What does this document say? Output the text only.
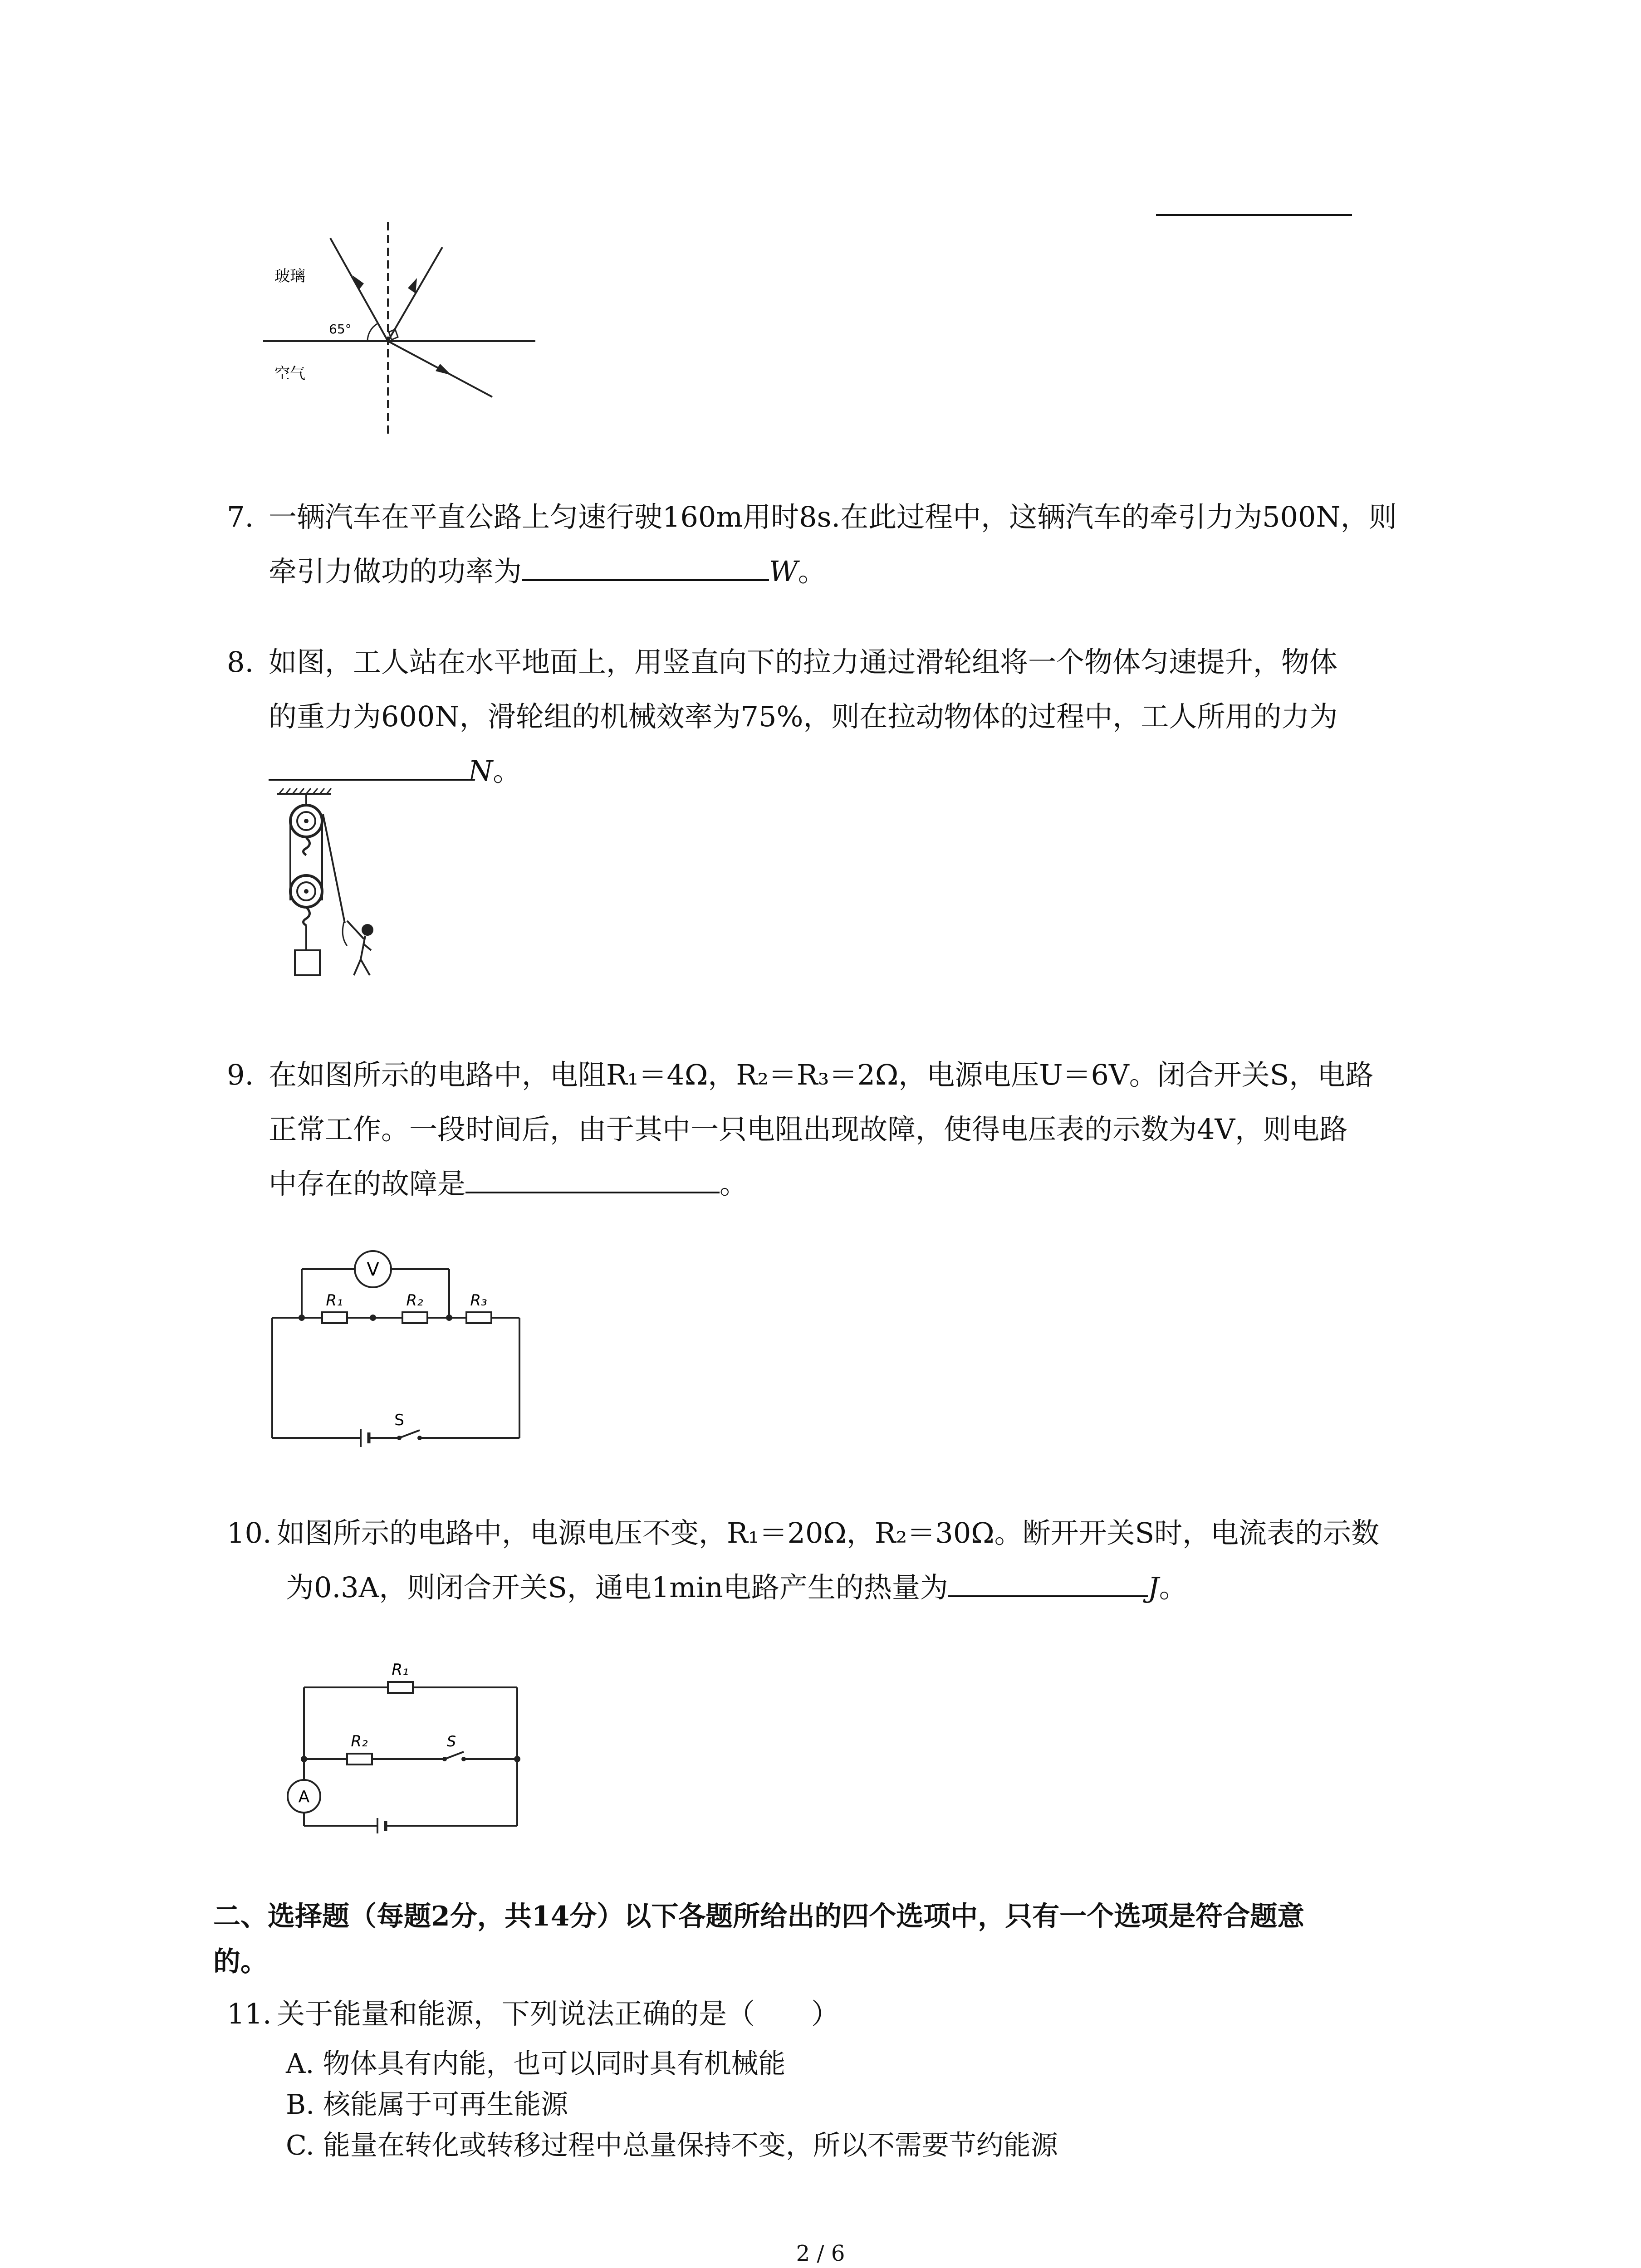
玻璃
65°
空气
7. 一辆汽车在平直公路上匀速行驶160m用时8s.在此过程中，这辆汽车的牵引力为500N，则
牵引力做功的功率为	W。
8. 如图，工人站在水平地面上，用竖直向下的拉力通过滑轮组将一个物体匀速提升，物体
的重力为600N，滑轮组的机械效率为75%，则在拉动物体的过程中，工人所用的力为
N。
9. 在如图所示的电路中，电阻R₁＝4Ω，R₂＝R₃＝2Ω，电源电压U＝6V。闭合开关S，电路
正常工作。一段时间后，由于其中一只电阻出现故障，使得电压表的示数为4V，则电路
中存在的故障是	。
V
R₁	R₂	R₃
S
10. 如图所示的电路中，电源电压不变，R₁＝20Ω，R₂＝30Ω。断开开关S时，电流表的示数
为0.3A，则闭合开关S，通电1min电路产生的热量为	J。
A
R₁
R₂	S
二、选择题（每题2分，共14分）以下各题所给出的四个选项中，只有一个选项是符合题意
的。
11. 关于能量和能源，下列说法正确的是（　　）
A. 物体具有内能，也可以同时具有机械能
B. 核能属于可再生能源
C. 能量在转化或转移过程中总量保持不变，所以不需要节约能源
2 / 6
